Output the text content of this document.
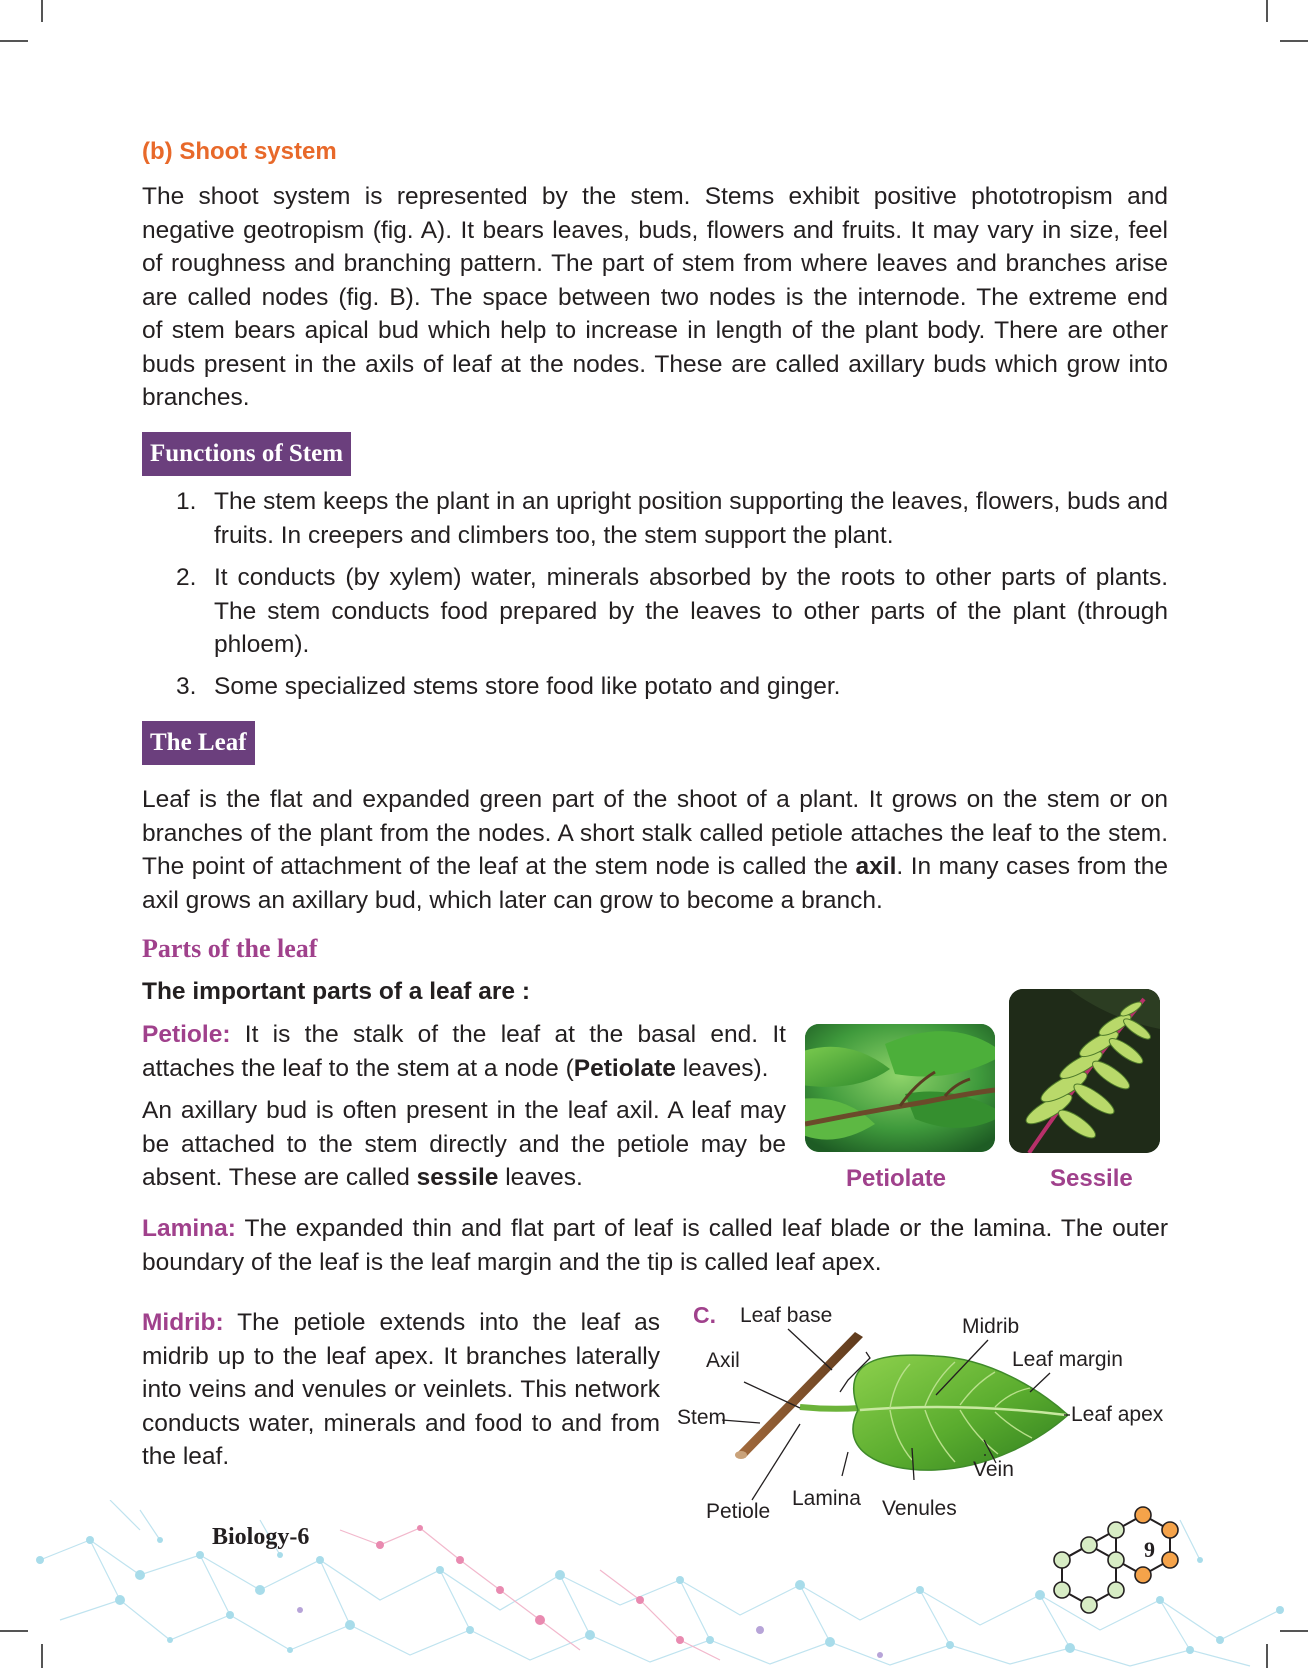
(b) Shoot system
The shoot system is represented by the stem. Stems exhibit positive phototropism and
negative geotropism (fig. A). It bears leaves, buds, flowers and fruits. It may vary in size, feel
of roughness and branching pattern. The part of stem from where leaves and branches arise
are called nodes (fig. B). The space between two nodes is the internode. The extreme end
of stem bears apical bud which help to increase in length of the plant body. There are other
buds present in the axils of leaf at the nodes. These are called axillary buds which grow into
branches.
Functions of Stem
1. The stem keeps the plant in an upright position supporting the leaves, flowers, buds and fruits. In creepers and climbers too, the stem support the plant.
2. It conducts (by xylem) water, minerals absorbed by the roots to other parts of plants. The stem conducts food prepared by the leaves to other parts of the plant (through phloem).
3. Some specialized stems store food like potato and ginger.
The Leaf
Leaf is the flat and expanded green part of the shoot of a plant. It grows on the stem or on branches of the plant from the nodes. A short stalk called petiole attaches the leaf to the stem. The point of attachment of the leaf at the stem node is called the axil. In many cases from the axil grows an axillary bud, which later can grow to become a branch.
Parts of the leaf
The important parts of a leaf are :
Petiole: It is the stalk of the leaf at the basal end. It attaches the leaf to the stem at a node (Petiolate leaves).
An axillary bud is often present in the leaf axil. A leaf may be attached to the stem directly and the petiole may be absent. These are called sessile leaves.	Petiolate	Sessile
Lamina: The expanded thin and flat part of leaf is called leaf blade or the lamina. The outer boundary of the leaf is the leaf margin and the tip is called leaf apex.
Midrib: The petiole extends into the leaf as midrib up to the leaf apex. It branches laterally into veins and venules or veinlets. This network conducts water, minerals and food to and from the leaf.
C. Leaf base
Axil
Stem
Midrib
Leaf margin
Leaf apex
Vein
Venules
Lamina
Petiole
Biology-6	9
